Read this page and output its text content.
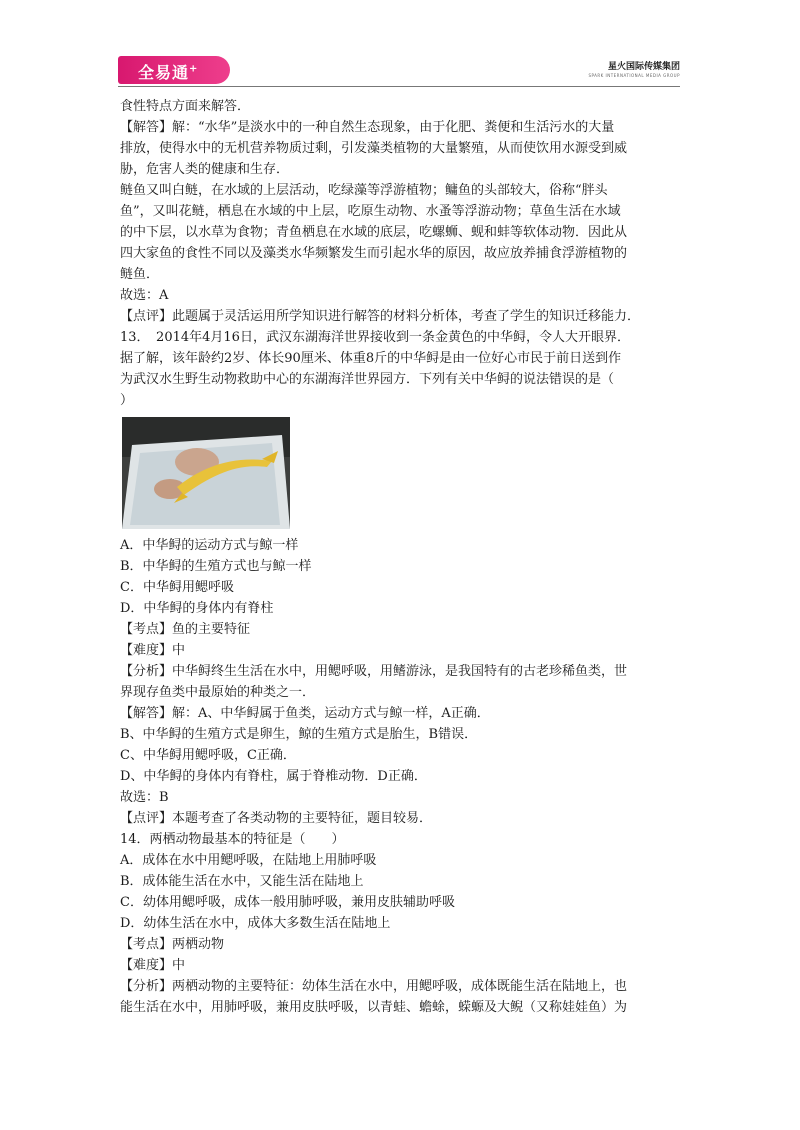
全易通+	星火国际传媒集团
SPARK INTERNATIONAL MEDIA GROUP

食性特点方面来解答．

【解答】解：“水华”是淡水中的一种自然生态现象，由于化肥、粪便和生活污水的大量

排放，使得水中的无机营养物质过剩，引发藻类植物的大量繁殖，从而使饮用水源受到威

胁，危害人类的健康和生存．

鲢鱼又叫白鲢，在水域的上层活动，吃绿藻等浮游植物；鳙鱼的头部较大，俗称“胖头

鱼”，又叫花鲢，栖息在水域的中上层，吃原生动物、水蚤等浮游动物；草鱼生活在水域

的中下层，以水草为食物；青鱼栖息在水域的底层，吃螺蛳、蚬和蚌等软体动物．因此从

四大家鱼的食性不同以及藻类水华频繁发生而引起水华的原因，故应放养捕食浮游植物的

鲢鱼．

故选：A

【点评】此题属于灵活运用所学知识进行解答的材料分析体，考查了学生的知识迁移能力．

13．　2014年4月16日，武汉东湖海洋世界接收到一条金黄色的中华鲟，令人大开眼界．

据了解，该年龄约2岁、体长90厘米、体重8斤的中华鲟是由一位好心市民于前日送到作

为武汉水生野生动物救助中心的东湖海洋世界园方．下列有关中华鲟的说法错误的是（

）

A．中华鲟的运动方式与鲸一样

B．中华鲟的生殖方式也与鲸一样

C．中华鲟用鳃呼吸

D．中华鲟的身体内有脊柱

【考点】鱼的主要特征

【难度】中

【分析】中华鲟终生生活在水中，用鳃呼吸，用鳍游泳，是我国特有的古老珍稀鱼类，世

界现存鱼类中最原始的种类之一．

【解答】解：A、中华鲟属于鱼类，运动方式与鲸一样，A正确．

B、中华鲟的生殖方式是卵生，鲸的生殖方式是胎生，B错误．

C、中华鲟用鳃呼吸，C正确．

D、中华鲟的身体内有脊柱，属于脊椎动物．D正确．

故选：B

【点评】本题考查了各类动物的主要特征，题目较易．

14．两栖动物最基本的特征是（　　）

A．成体在水中用鳃呼吸，在陆地上用肺呼吸

B．成体能生活在水中，又能生活在陆地上

C．幼体用鳃呼吸，成体一般用肺呼吸，兼用皮肤辅助呼吸

D．幼体生活在水中，成体大多数生活在陆地上

【考点】两栖动物

【难度】中

【分析】两栖动物的主要特征：幼体生活在水中，用鳃呼吸，成体既能生活在陆地上，也

能生活在水中，用肺呼吸，兼用皮肤呼吸，以青蛙、蟾蜍，蝾螈及大鲵（又称娃娃鱼）为
